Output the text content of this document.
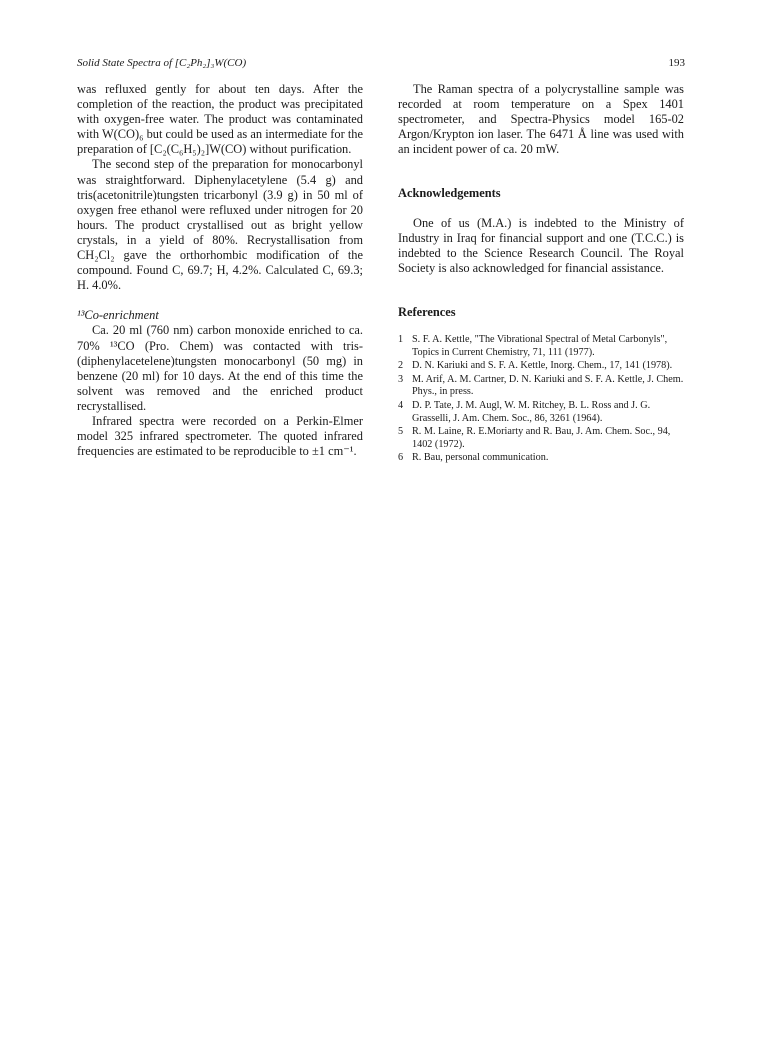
Solid State Spectra of [C₂Ph₂]₃W(CO)	193

was refluxed gently for about ten days. After the completion of the reaction, the product was precipitated with oxygen-free water. The product was contaminated with W(CO)₆ but could be used as an intermediate for the preparation of [C₂(C₆H₅)₂]W(CO) without purification.

The second step of the preparation for monocarbonyl was straightforward. Diphenylacetylene (5.4 g) and tris(acetonitrile)tungsten tricarbonyl (3.9 g) in 50 ml of oxygen free ethanol were refluxed under nitrogen for 20 hours. The product crystallised out as bright yellow crystals, in a yield of 80%. Recrystallisation from CH₂Cl₂ gave the orthorhombic modification of the compound. Found C, 69.7; H, 4.2%. Calculated C, 69.3; H. 4.0%.

¹³Co-enrichment

Ca. 20 ml (760 nm) carbon monoxide enriched to ca. 70% ¹³CO (Pro. Chem) was contacted with tris-(diphenylacetelene)tungsten monocarbonyl (50 mg) in benzene (20 ml) for 10 days. At the end of this time the solvent was removed and the enriched product recrystallised.

Infrared spectra were recorded on a Perkin-Elmer model 325 infrared spectrometer. The quoted infrared frequencies are estimated to be reproducible to ±1 cm⁻¹.

The Raman spectra of a polycrystalline sample was recorded at room temperature on a Spex 1401 spectrometer, and Spectra-Physics model 165-02 Argon/Krypton ion laser. The 6471 Å line was used with an incident power of ca. 20 mW.

Acknowledgements

One of us (M.A.) is indebted to the Ministry of Industry in Iraq for financial support and one (T.C.C.) is indebted to the Science Research Council. The Royal Society is also acknowledged for financial assistance.

References
1 S. F. A. Kettle, "The Vibrational Spectral of Metal Carbonyls", Topics in Current Chemistry, 71, 111 (1977).
2 D. N. Kariuki and S. F. A. Kettle, Inorg. Chem., 17, 141 (1978).
3 M. Arif, A. M. Cartner, D. N. Kariuki and S. F. A. Kettle, J. Chem. Phys., in press.
4 D. P. Tate, J. M. Augl, W. M. Ritchey, B. L. Ross and J. G. Grasselli, J. Am. Chem. Soc., 86, 3261 (1964).
5 R. M. Laine, R. E.Moriarty and R. Bau, J. Am. Chem. Soc., 94, 1402 (1972).
6 R. Bau, personal communication.
